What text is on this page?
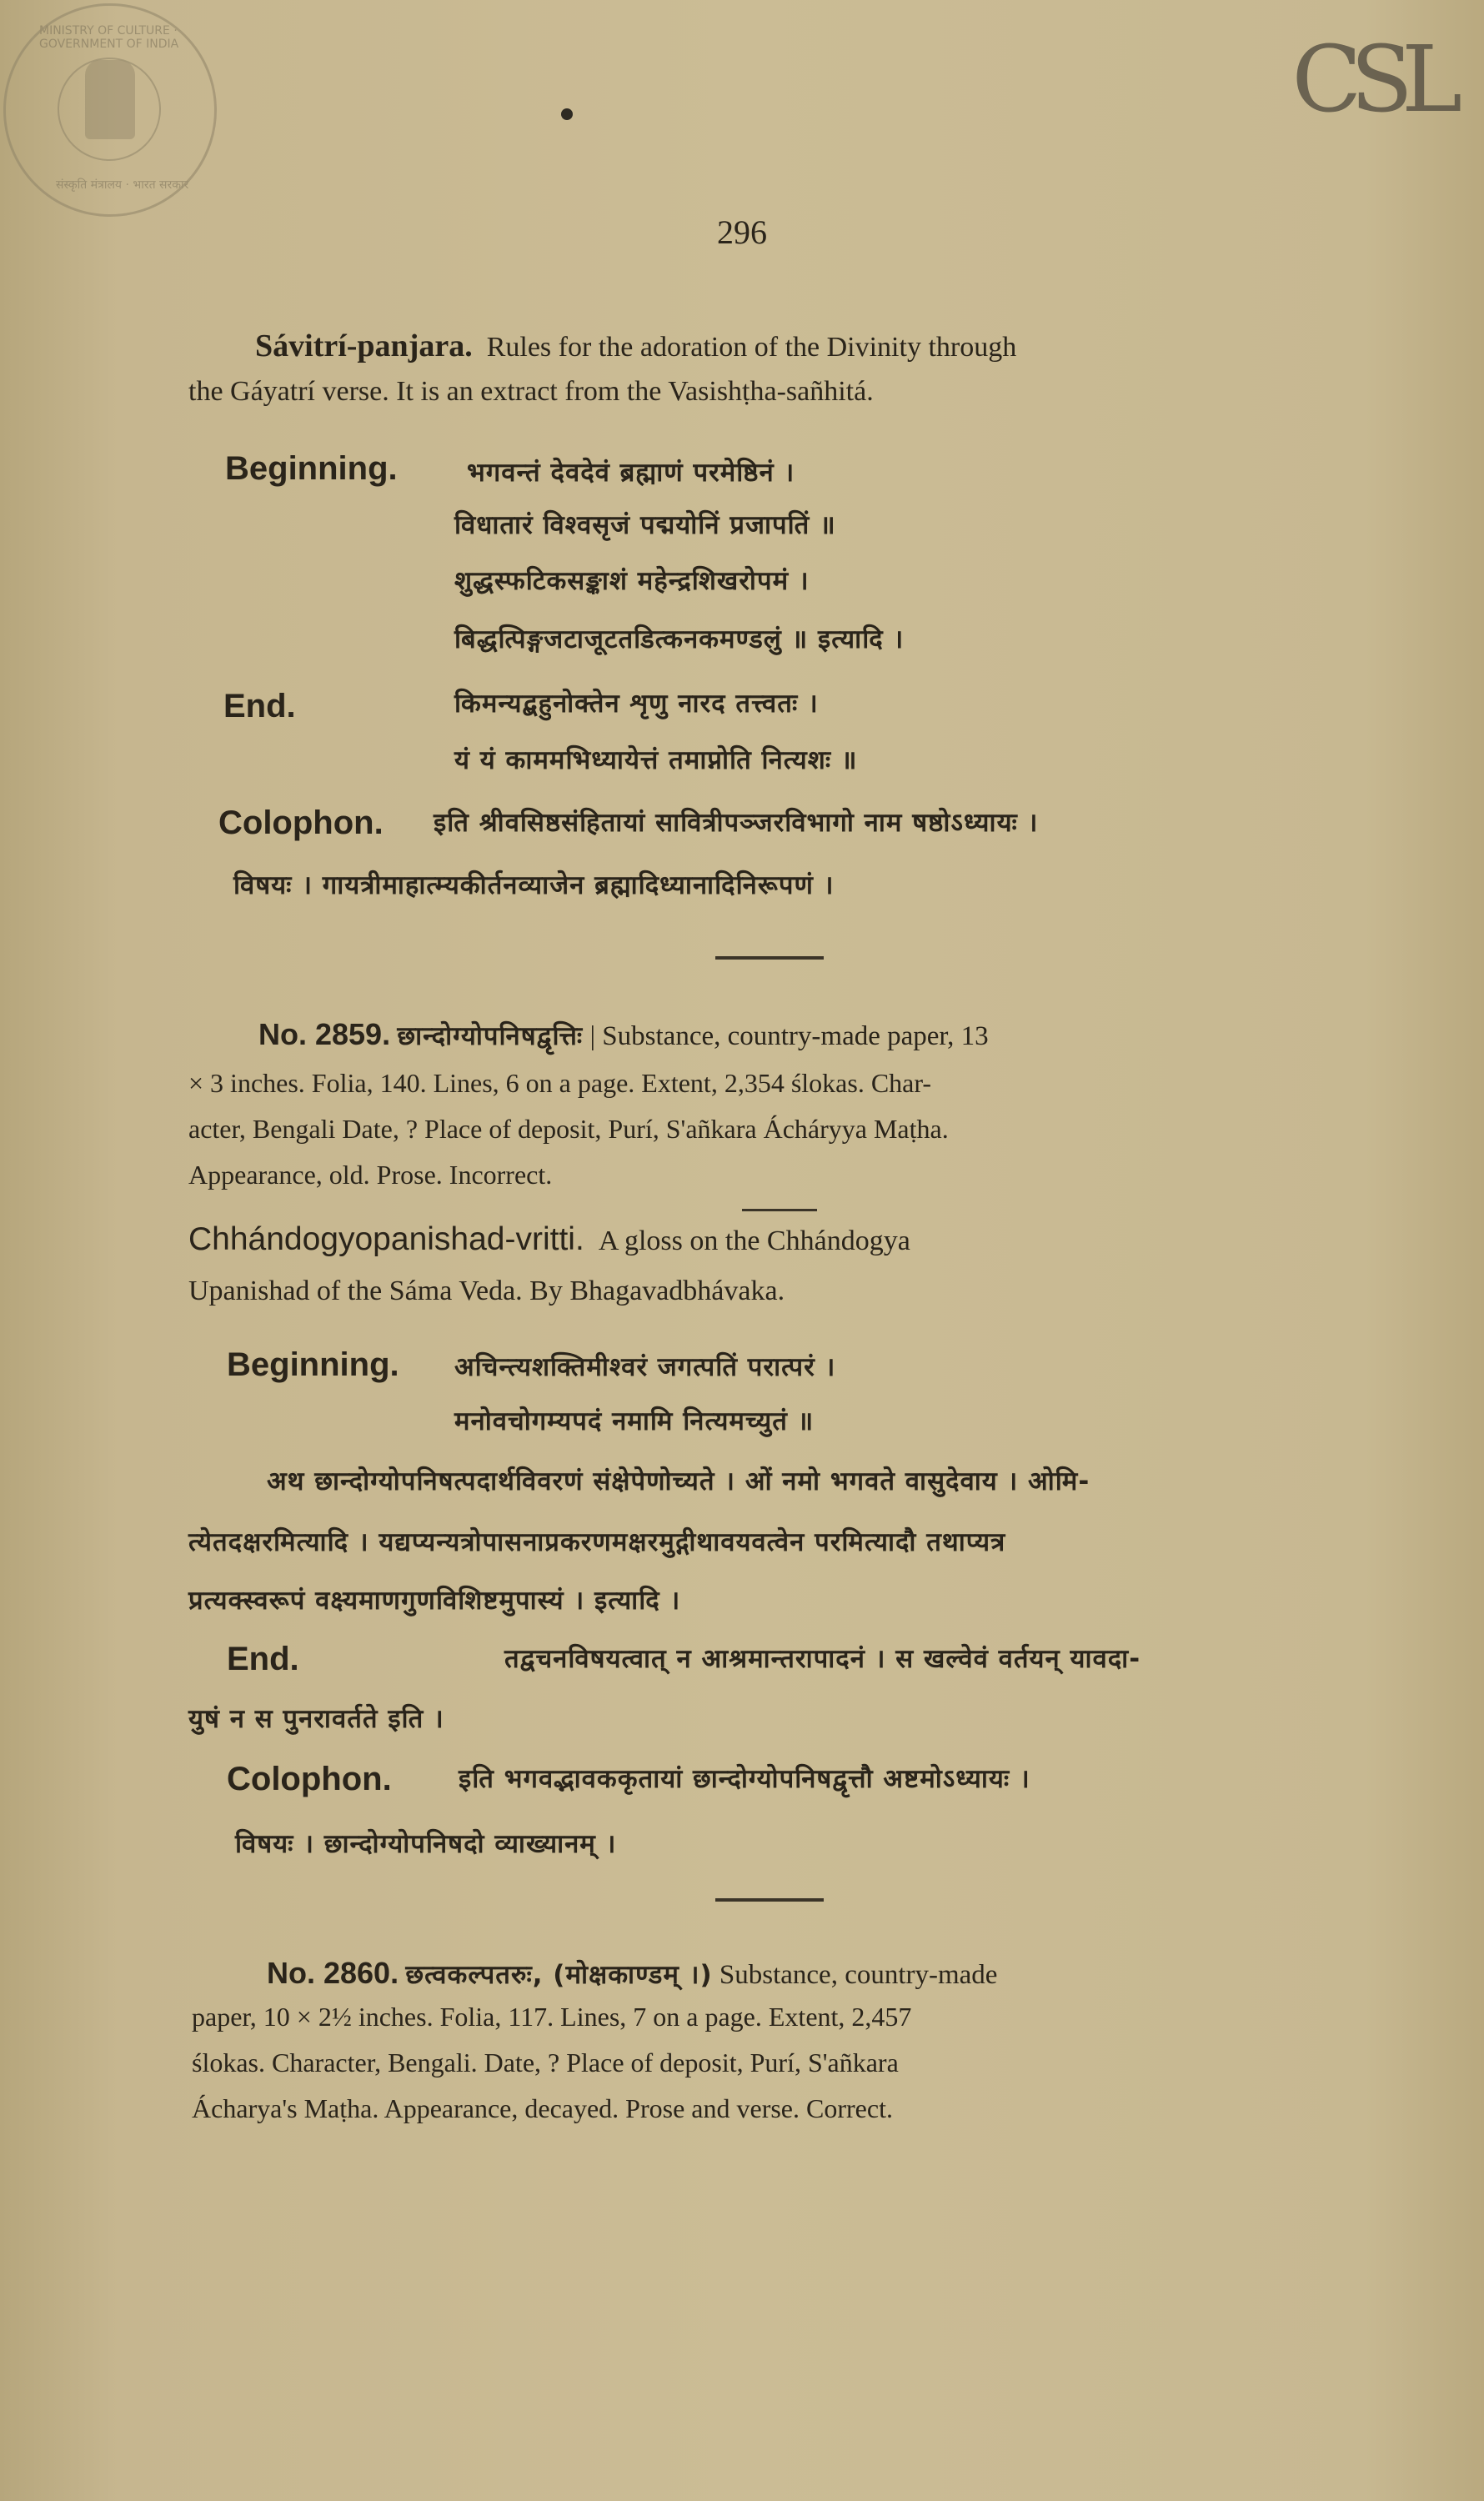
MINISTRY OF CULTURE · GOVERNMENT OF INDIA
संस्कृति मंत्रालय · भारत सरकार
CSL
296
Sávitrí-panjara. Rules for the adoration of the Divinity through
the Gáyatrí verse. It is an extract from the Vasishṭha-sañhitá.
Beginning.	भगवन्तं देवदेवं ब्रह्माणं परमेष्ठिनं ।
विधातारं विश्वसृजं पद्मयोनिं प्रजापतिं ॥
शुद्धस्फटिकसङ्काशं महेन्द्रशिखरोपमं ।
बिद्धत्पिङ्गजटाजूटतडित्कनकमण्डलुं ॥ इत्यादि ।
End.	किमन्यद्बहुनोक्तेन शृणु नारद तत्त्वतः ।
यं यं काममभिध्यायेत्तं तमाप्नोति नित्यशः ॥
Colophon. इति श्रीवसिष्ठसंहितायां सावित्रीपञ्जरविभागो नाम षष्ठोऽध्यायः ।
विषयः । गायत्रीमाहात्म्यकीर्तनव्याजेन ब्रह्मादिध्यानादिनिरूपणं ।
No. 2859. छान्दोग्योपनिषद्वृत्तिः | Substance, country-made paper, 13
× 3 inches. Folia, 140. Lines, 6 on a page. Extent, 2,354 ślokas. Char-
acter, Bengali Date, ? Place of deposit, Purí, S'añkara Ácháryya Maṭha.
Appearance, old. Prose. Incorrect.
Chhándogyopanishad-vritti. A gloss on the Chhándogya
Upanishad of the Sáma Veda. By Bhagavadbhávaka.
Beginning. अचिन्त्यशक्तिमीश्वरं जगत्पतिं परात्परं ।
मनोवचोगम्यपदं नमामि नित्यमच्युतं ॥
अथ छान्दोग्योपनिषत्पदार्थविवरणं संक्षेपेणोच्यते । ओं नमो भगवते वासुदेवाय । ओमि-
त्येतदक्षरमित्यादि । यद्यप्यन्यत्रोपासनाप्रकरणमक्षरमुद्गीथावयवत्वेन परमित्यादौ तथाप्यत्र
प्रत्यक्स्वरूपं वक्ष्यमाणगुणविशिष्टमुपास्यं । इत्यादि ।
End.	तद्वचनविषयत्वात् न आश्रमान्तरापादनं । स खल्वेवं वर्तयन् यावदा-
युषं न स पुनरावर्तते इति ।
Colophon.	इति भगवद्भावककृतायां छान्दोग्योपनिषद्वृत्तौ अष्टमोऽध्यायः ।
विषयः । छान्दोग्योपनिषदो व्याख्यानम् ।
No. 2860. छत्वकल्पतरुः, (मोक्षकाण्डम् ।) Substance, country-made
paper, 10 × 2½ inches. Folia, 117. Lines, 7 on a page. Extent, 2,457
ślokas. Character, Bengali. Date, ? Place of deposit, Purí, S'añkara
Ácharya's Maṭha. Appearance, decayed. Prose and verse. Correct.
